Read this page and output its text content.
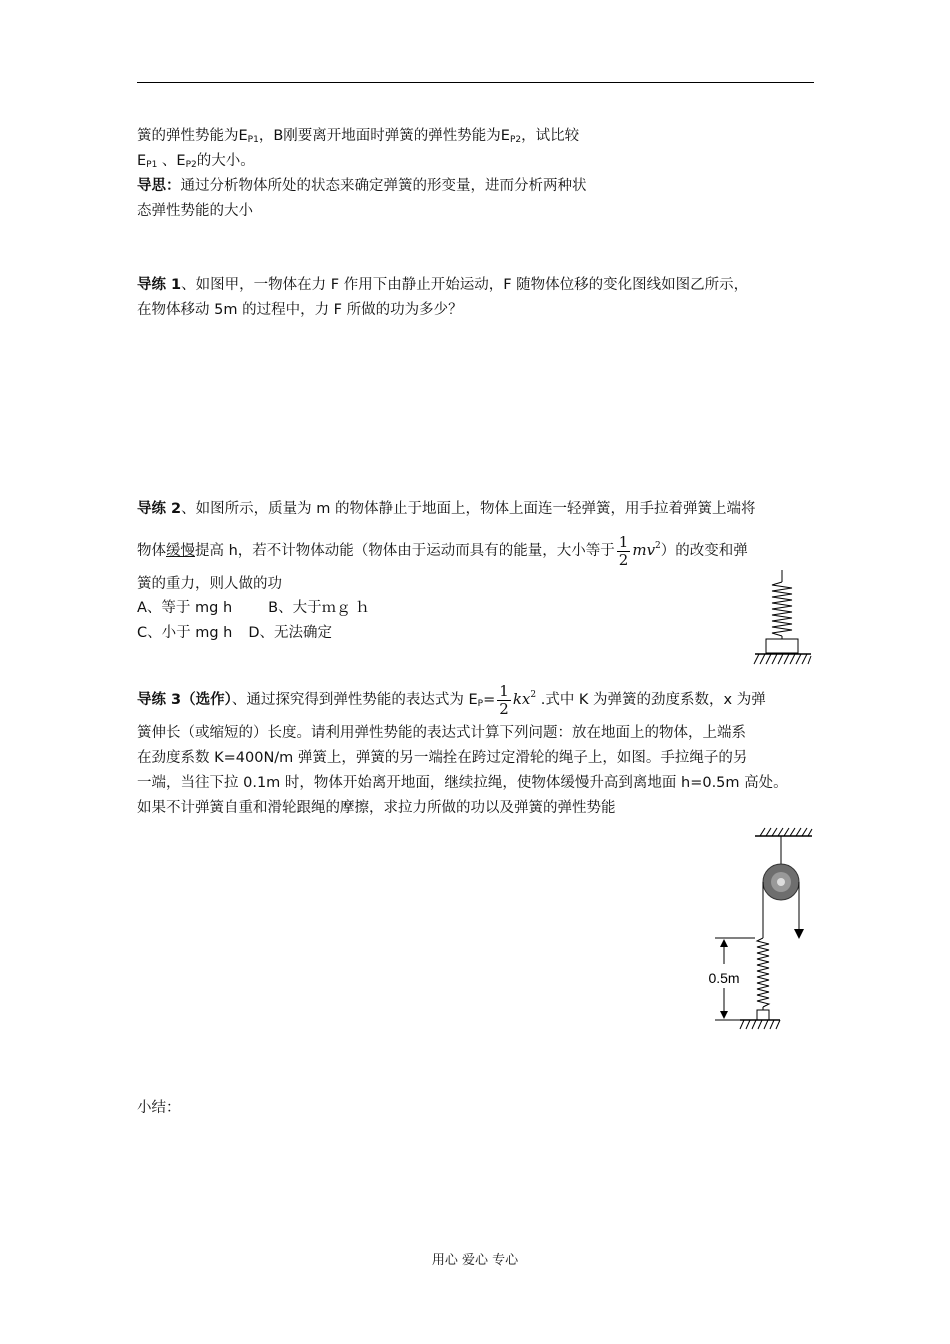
簧的弹性势能为$E_{P1}$，B刚要离开地面时弹簧的弹性势能为$E_{P2}$，试比较
$E_{P1}$ 、$E_{P2}$的大小。
导思：通过分析物体所处的状态来确定弹簧的形变量，进而分析两种状
态弹性势能的大小
导练 1、如图甲，一物体在力 F 作用下由静止开始运动，F 随物体位移的变化图线如图乙所示，
在物体移动 5m 的过程中，力 F 所做的功为多少？
导练 2、如图所示，质量为 m 的物体静止于地面上，物体上面连一轻弹簧，用手拉着弹簧上端将
物体缓慢提高 h，若不计物体动能（物体由于运动而具有的能量，大小等于 $\frac{1}{2} mv^2$）的改变和弹
簧的重力，则人做的功
A、等于 mg h B、大于ｍｇ ｈ
C、小于 mg h D、无法确定
导练 3（选作）、通过探究得到弹性势能的表达式为 $E_P= \frac{1}{2} kx^2$ .式中 K 为弹簧的劲度系数，x 为弹
簧伸长（或缩短的）长度。请利用弹性势能的表达式计算下列问题：放在地面上的物体，上端系
在劲度系数 K=400N/m 弹簧上，弹簧的另一端拴在跨过定滑轮的绳子上，如图。手拉绳子的另
一端，当往下拉 0.1m 时，物体开始离开地面，继续拉绳，使物体缓慢升高到离地面 h=0.5m 高处。
如果不计弹簧自重和滑轮跟绳的摩擦，求拉力所做的功以及弹簧的弹性势能
0.5m
小结：
用心 爱心 专心
